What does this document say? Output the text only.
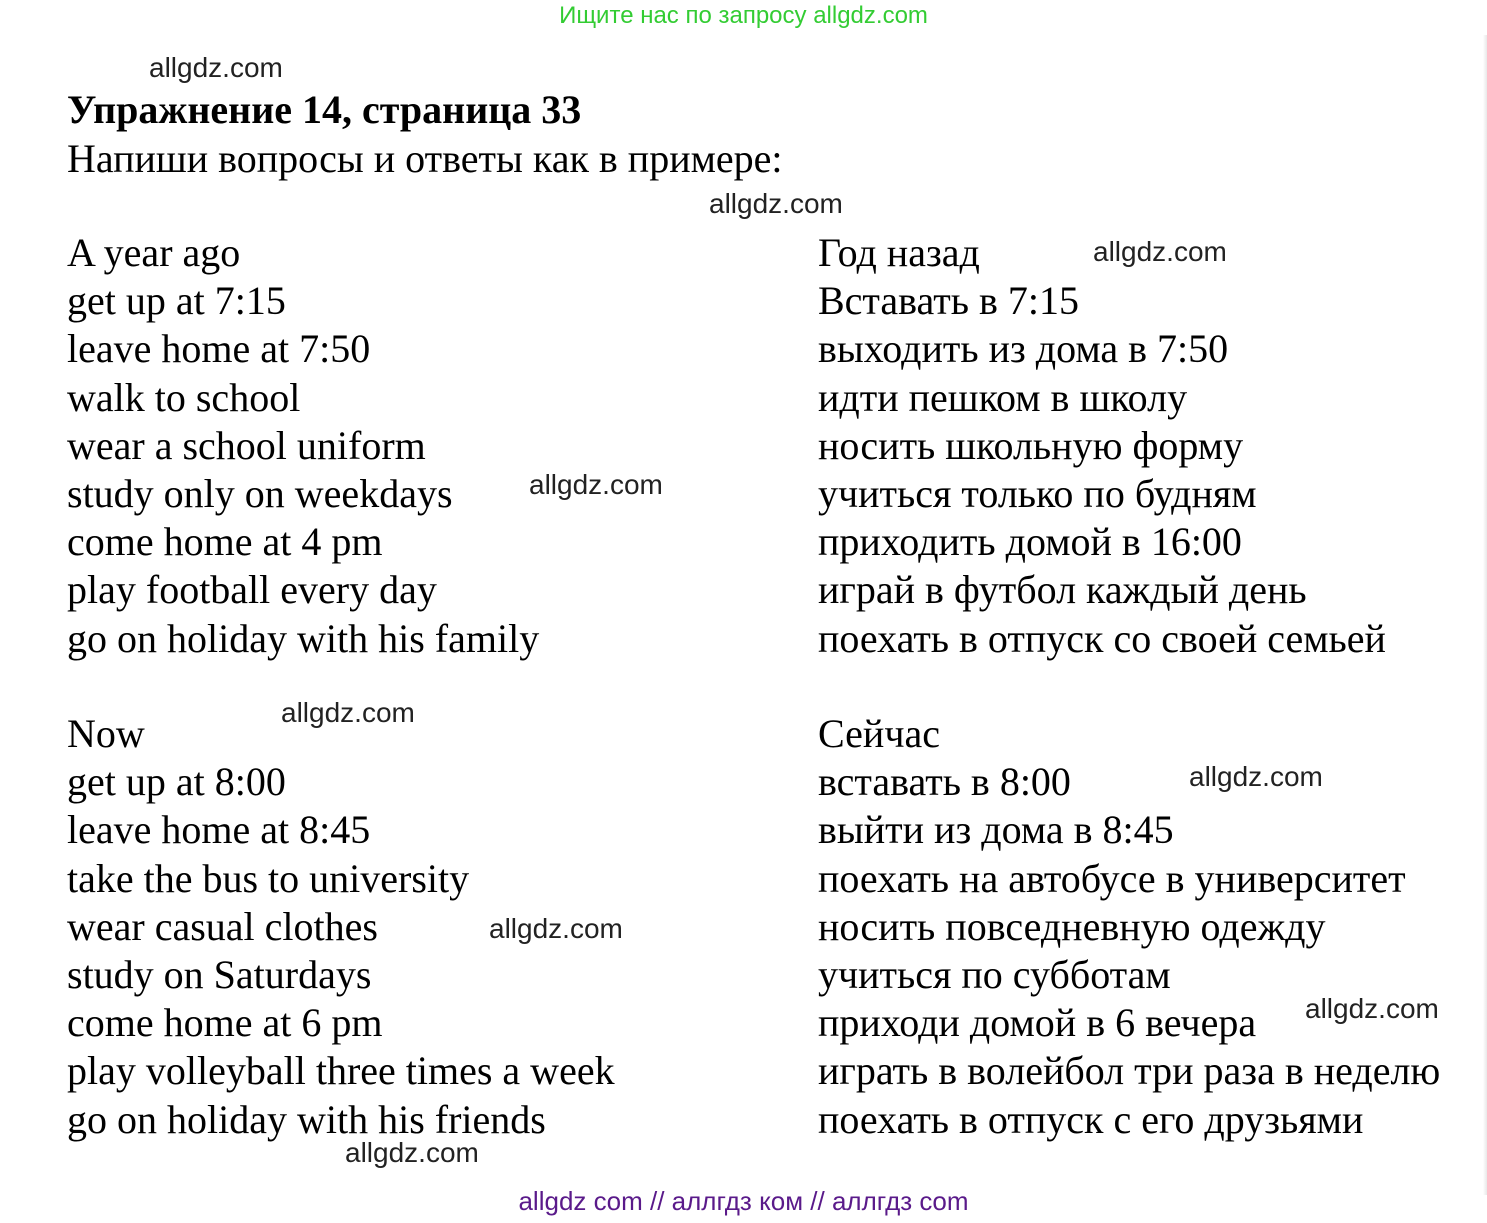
Ищите нас по запросу allgdz.com
allgdz.com
Упражнение 14, страница 33
Напиши вопросы и ответы как в примере:
allgdz.com
A year ago
get up at 7:15
leave home at 7:50
walk to school
wear a school uniform
study only on weekdays
come home at 4 pm
play football every day
go on holiday with his family
Год назад
Вставать в 7:15
выходить из дома в 7:50
идти пешком в школу
носить школьную форму
учиться только по будням
приходить домой в 16:00
играй в футбол каждый день
поехать в отпуск со своей семьей
allgdz.com
allgdz.com
Now
get up at 8:00
leave home at 8:45
take the bus to university
wear casual clothes
study on Saturdays
come home at 6 pm
play volleyball three times a week
go on holiday with his friends
Сейчас
вставать в 8:00
выйти из дома в 8:45
поехать на автобусе в университет
носить повседневную одежду
учиться по субботам
приходи домой в 6 вечера
играть в волейбол три раза в неделю
поехать в отпуск с его друзьями
allgdz.com
allgdz.com
allgdz.com
allgdz.com
allgdz.com
allgdz com // аллгдз ком // аллгдз com
